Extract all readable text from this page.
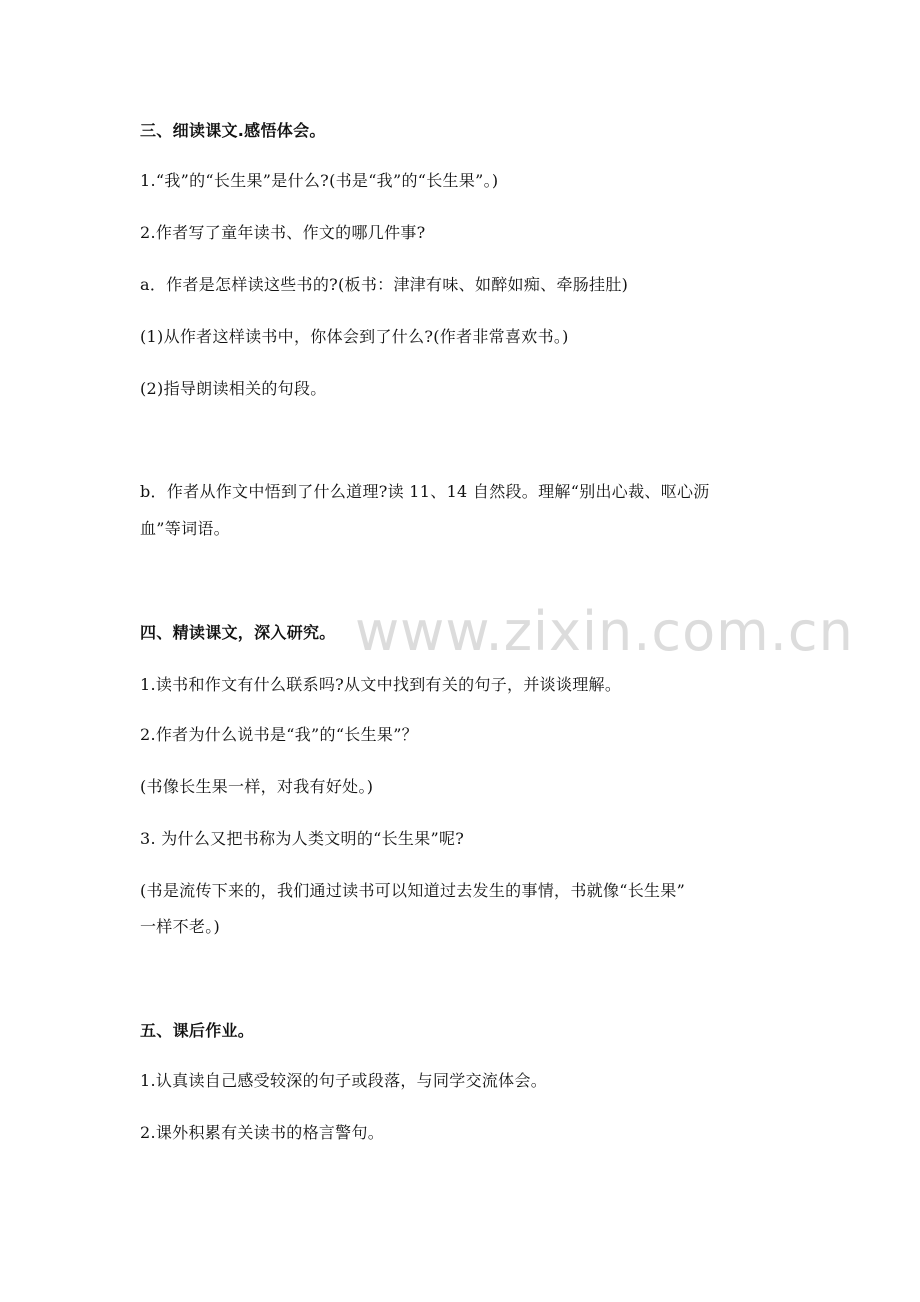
www.zixin.com.cn
三、细读课文.感悟体会。
1.“我”的“长生果”是什么?(书是“我”的“长生果”。)
2.作者写了童年读书、作文的哪几件事?
a．作者是怎样读这些书的?(板书：津津有味、如醉如痴、牵肠挂肚)
(1)从作者这样读书中，你体会到了什么?(作者非常喜欢书。)
(2)指导朗读相关的句段。
b．作者从作文中悟到了什么道理?读 11、14 自然段。理解“别出心裁、呕心沥
血”等词语。
四、精读课文，深入研究。
1.读书和作文有什么联系吗?从文中找到有关的句子，并谈谈理解。
2.作者为什么说书是“我”的“长生果”？
(书像长生果一样，对我有好处。)
3. 为什么又把书称为人类文明的“长生果”呢?
(书是流传下来的，我们通过读书可以知道过去发生的事情，书就像“长生果”
一样不老。)
五、课后作业。
1.认真读自己感受较深的句子或段落，与同学交流体会。
2.课外积累有关读书的格言警句。
